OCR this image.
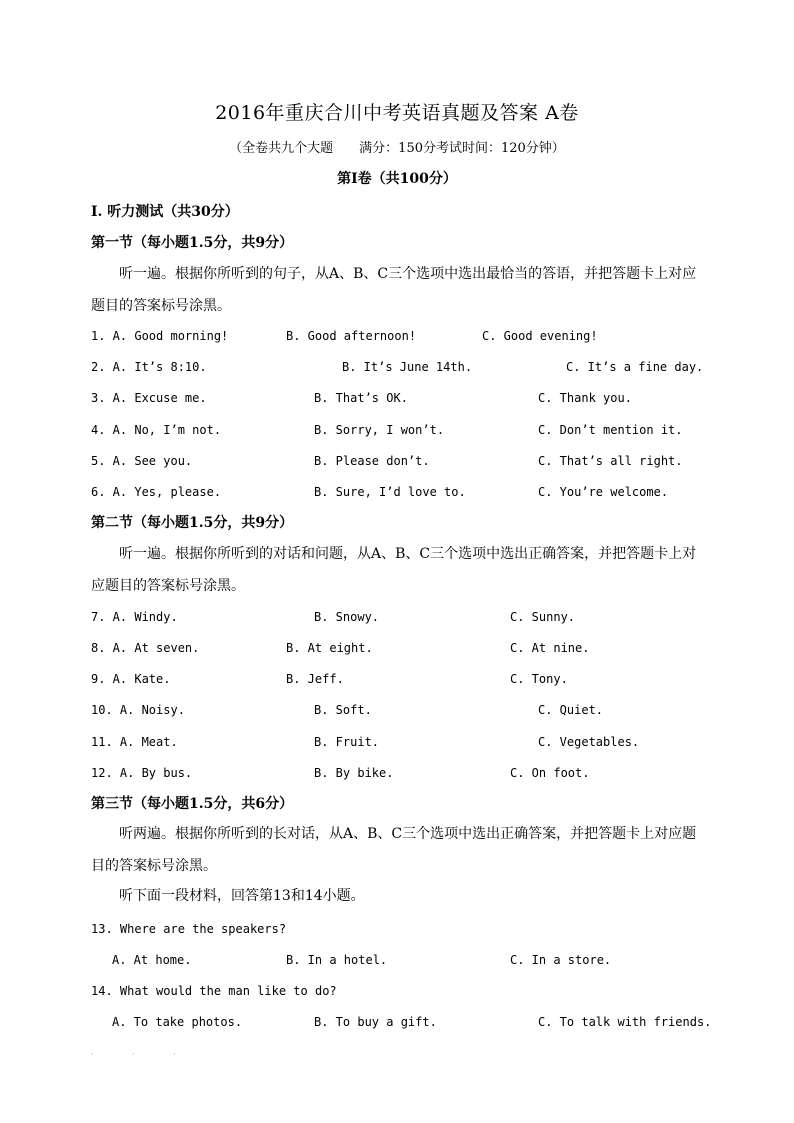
2016年重庆合川中考英语真题及答案 A卷
（全卷共九个大题　　满分：150分考试时间：120分钟）
第I卷（共100分）
I. 听力测试（共30分）
第一节（每小题1.5分，共9分）
听一遍。根据你所听到的句子，从A、B、C三个选项中选出最恰当的答语，并把答题卡上对应
题目的答案标号涂黑。
1. A. Good morning!	B. Good afternoon!	C. Good evening!
2. A. It’s 8:10.	B. It’s June 14th.	C. It’s a fine day.
3. A. Excuse me.	B. That’s OK.	C. Thank you.
4. A. No, I’m not.	B. Sorry, I won’t.	C. Don’t mention it.
5. A. See you.	B. Please don’t.	C. That’s all right.
6. A. Yes, please.	B. Sure, I’d love to.	C. You’re welcome.
第二节（每小题1.5分，共9分）
听一遍。根据你所听到的对话和问题，从A、B、C三个选项中选出正确答案，并把答题卡上对
应题目的答案标号涂黑。
7. A. Windy.	B. Snowy.	C. Sunny.
8. A. At seven.	B. At eight.	C. At nine.
9. A. Kate.	B. Jeff.	C. Tony.
10. A. Noisy.	B. Soft.	C. Quiet.
11. A. Meat.	B. Fruit.	C. Vegetables.
12. A. By bus.	B. By bike.	C. On foot.
第三节（每小题1.5分，共6分）
听两遍。根据你所听到的长对话，从A、B、C三个选项中选出正确答案，并把答题卡上对应题
目的答案标号涂黑。
听下面一段材料，回答第13和14小题。
13. Where are the speakers?
A. At home.	B. In a hotel.	C. In a store.
14. What would the man like to do?
A. To take photos.	B. To buy a gift.	C. To talk with friends.
· · ·
